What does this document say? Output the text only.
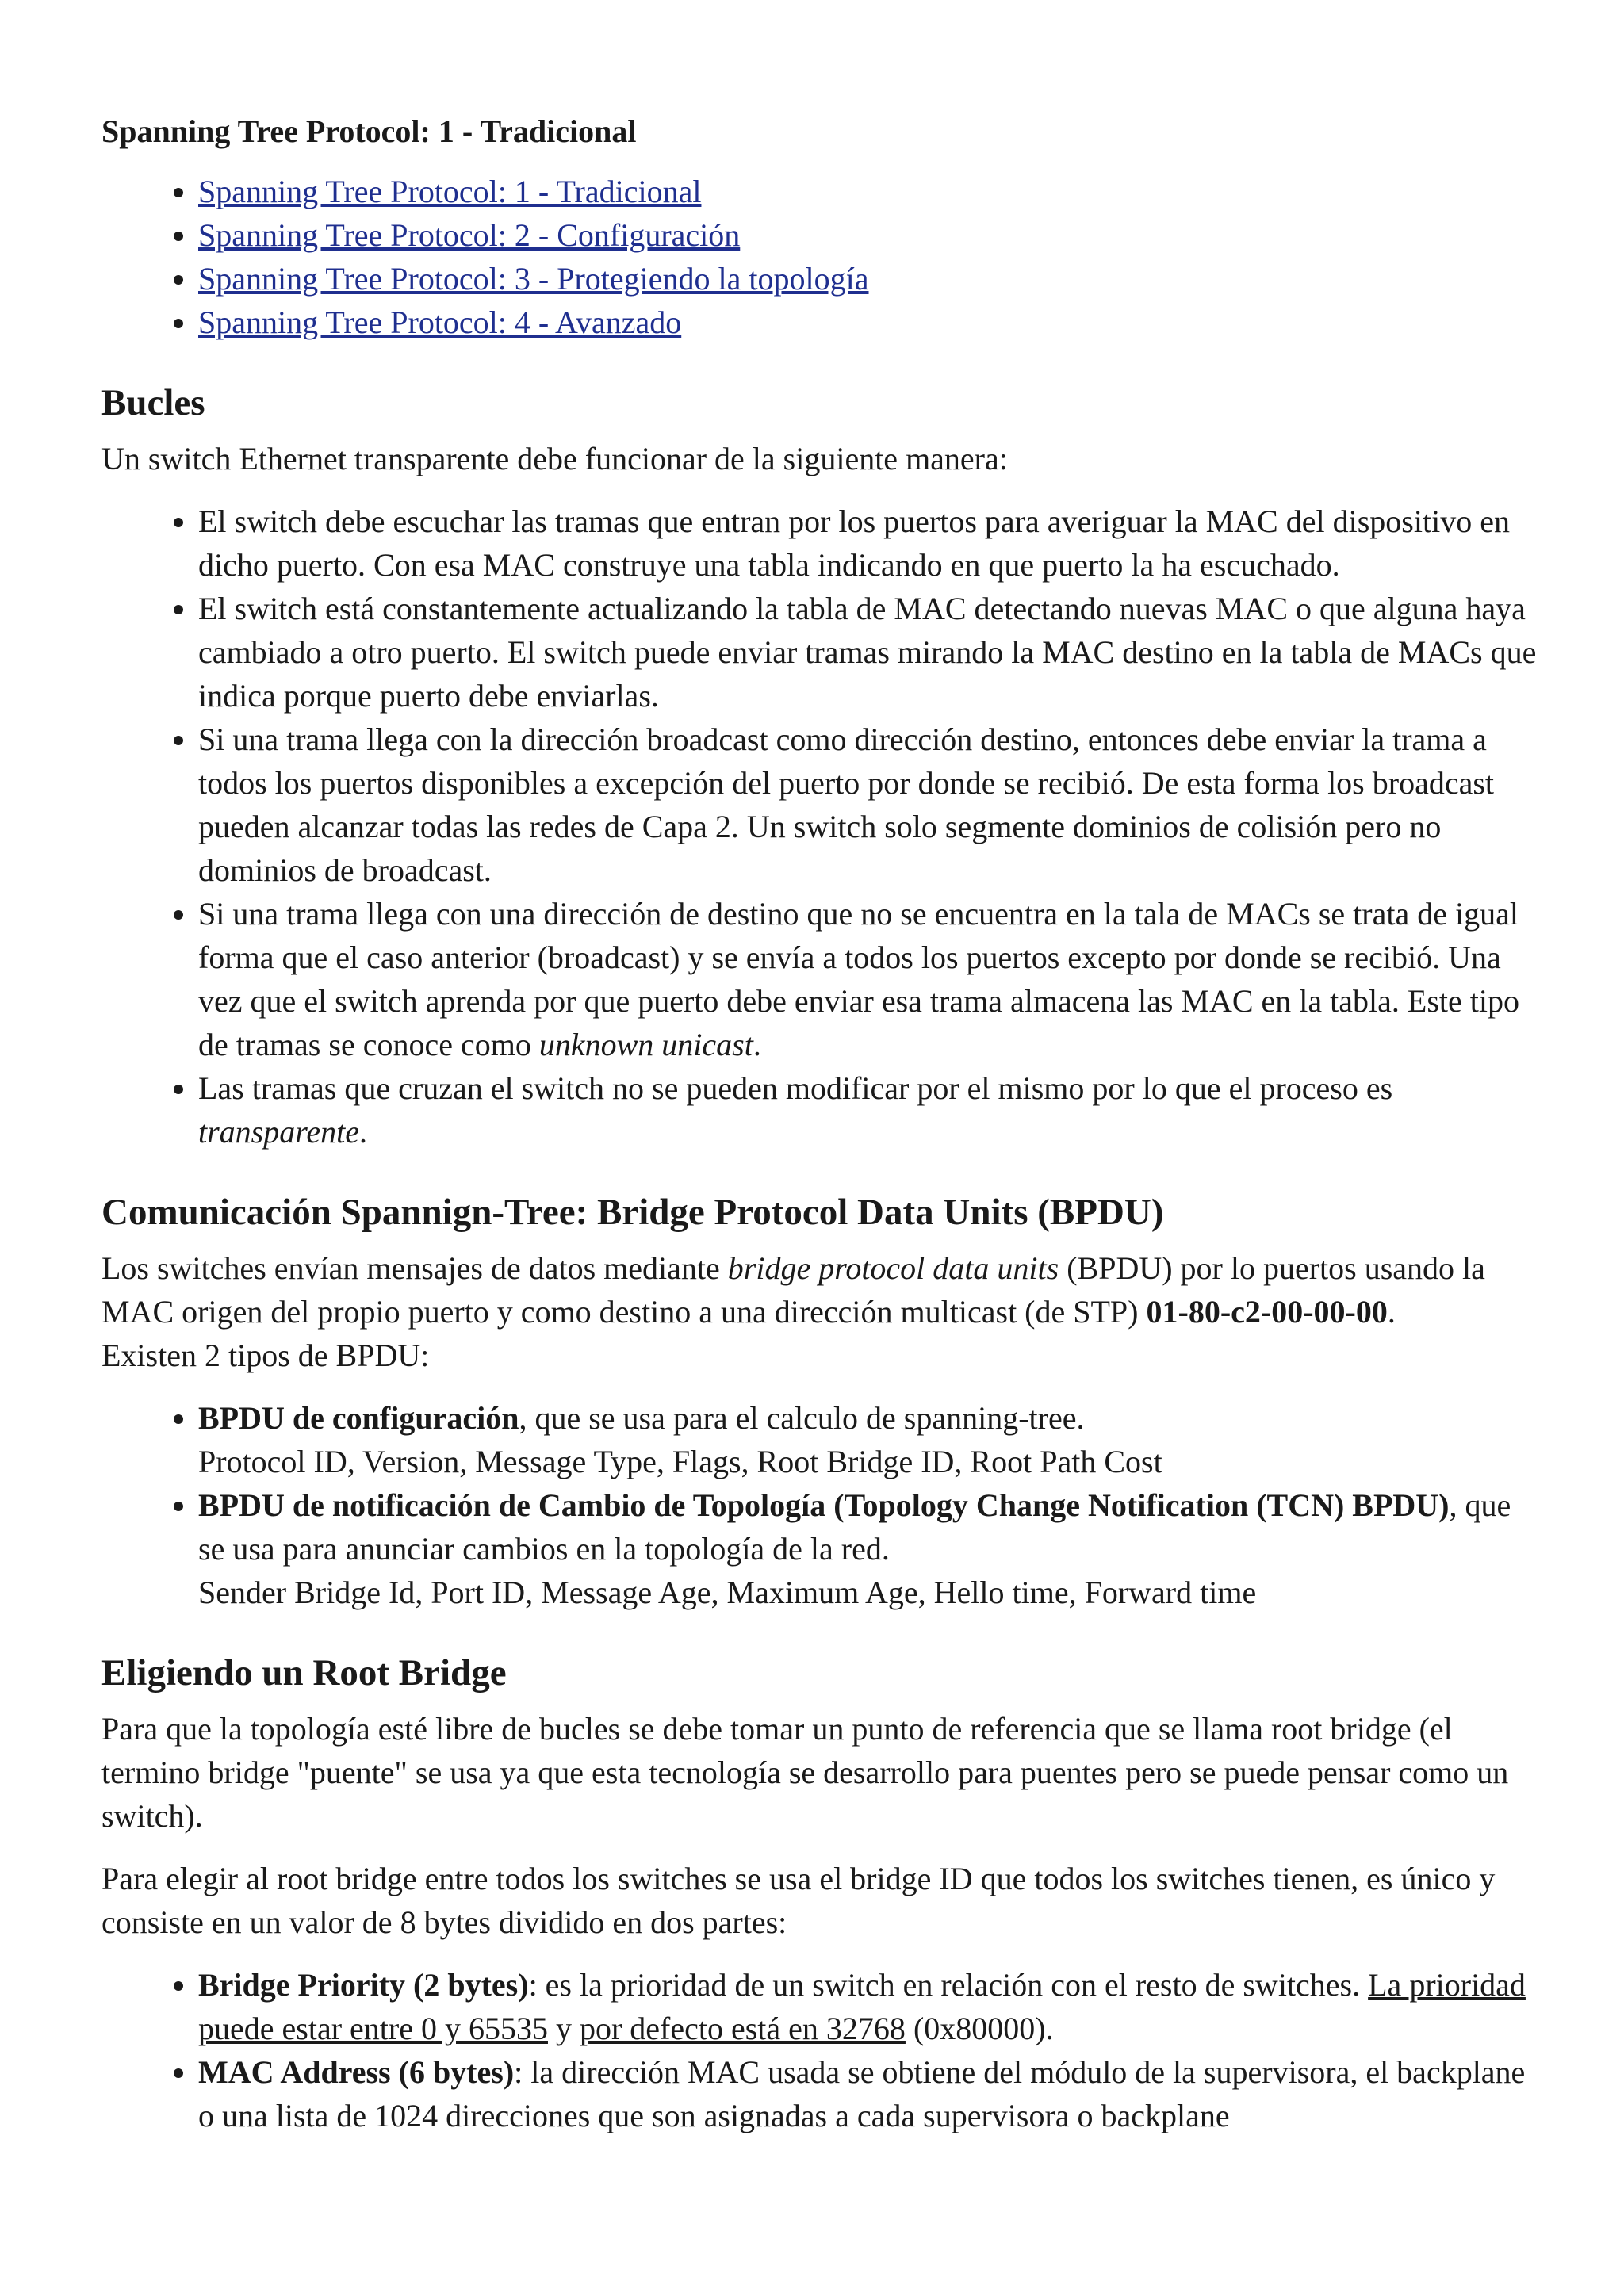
Spanning Tree Protocol: 1 - Tradicional
• Spanning Tree Protocol: 1 - Tradicional
• Spanning Tree Protocol: 2 - Configuración
• Spanning Tree Protocol: 3 - Protegiendo la topología
• Spanning Tree Protocol: 4 - Avanzado
Bucles

Un switch Ethernet transparente debe funcionar de la siguiente manera:

• El switch debe escuchar las tramas que entran por los puertos para averiguar la MAC del dispositivo en dicho puerto. Con esa MAC construye una tabla indicando en que puerto la ha escuchado.
• El switch está constantemente actualizando la tabla de MAC detectando nuevas MAC o que alguna haya cambiado a otro puerto. El switch puede enviar tramas mirando la MAC destino en la tabla de MACs que indica porque puerto debe enviarlas.
• Si una trama llega con la dirección broadcast como dirección destino, entonces debe enviar la trama a todos los puertos disponibles a excepción del puerto por donde se recibió. De esta forma los broadcast pueden alcanzar todas las redes de Capa 2. Un switch solo segmente dominios de colisión pero no dominios de broadcast.
• Si una trama llega con una dirección de destino que no se encuentra en la tala de MACs se trata de igual forma que el caso anterior (broadcast) y se envía a todos los puertos excepto por donde se recibió. Una vez que el switch aprenda por que puerto debe enviar esa trama almacena las MAC en la tabla. Este tipo de tramas se conoce como unknown unicast.
• Las tramas que cruzan el switch no se pueden modificar por el mismo por lo que el proceso es transparente.
Comunicación Spannign-Tree: Bridge Protocol Data Units (BPDU)

Los switches envían mensajes de datos mediante bridge protocol data units (BPDU) por lo puertos usando la MAC origen del propio puerto y como destino a una dirección multicast (de STP) 01-80-c2-00-00-00.
Existen 2 tipos de BPDU:

• BPDU de configuración, que se usa para el calculo de spanning-tree.
Protocol ID, Version, Message Type, Flags, Root Bridge ID, Root Path Cost
• BPDU de notificación de Cambio de Topología (Topology Change Notification (TCN) BPDU), que se usa para anunciar cambios en la topología de la red.
Sender Bridge Id, Port ID, Message Age, Maximum Age, Hello time, Forward time
Eligiendo un Root Bridge

Para que la topología esté libre de bucles se debe tomar un punto de referencia que se llama root bridge (el termino bridge "puente" se usa ya que esta tecnología se desarrollo para puentes pero se puede pensar como un switch).

Para elegir al root bridge entre todos los switches se usa el bridge ID que todos los switches tienen, es único y consiste en un valor de 8 bytes dividido en dos partes:

• Bridge Priority (2 bytes): es la prioridad de un switch en relación con el resto de switches. La prioridad puede estar entre 0 y 65535 y por defecto está en 32768 (0x80000).
• MAC Address (6 bytes): la dirección MAC usada se obtiene del módulo de la supervisora, el backplane o una lista de 1024 direcciones que son asignadas a cada supervisora o backplane
